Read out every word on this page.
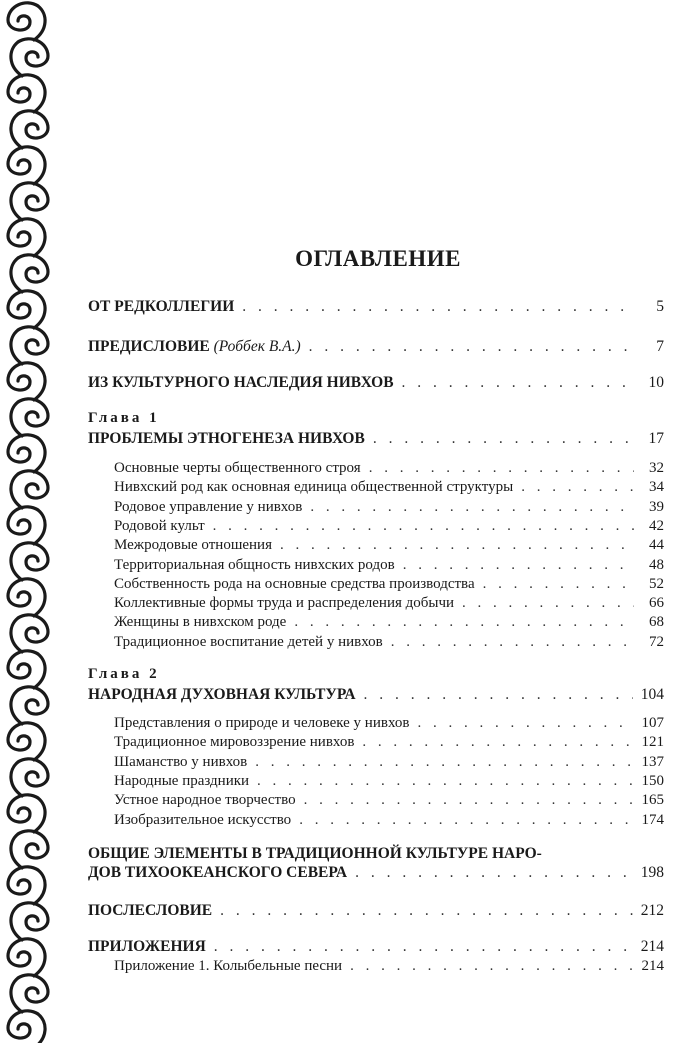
ОГЛАВЛЕНИЕ
ОТ РЕДКОЛЛЕГИИ . . .	5
ПРЕДИСЛОВИЕ (Роббек В.А.) . . .	7
ИЗ КУЛЬТУРНОГО НАСЛЕДИЯ НИВХОВ . . .	10
Глава 1
ПРОБЛЕМЫ ЭТНОГЕНЕЗА НИВХОВ . . .	17
Основные черты общественного строя . . .	32
Нивхский род как основная единица общественной структуры . . .	34
Родовое управление у нивхов . . .	39
Родовой культ . . .	42
Межродовые отношения . . .	44
Территориальная общность нивхских родов . . .	48
Собственность рода на основные средства производства . . .	52
Коллективные формы труда и распределения добычи . . .	66
Женщины в нивхском роде . . .	68
Традиционное воспитание детей у нивхов . . .	72
Глава 2
НАРОДНАЯ ДУХОВНАЯ КУЛЬТУРА . . .	104
Представления о природе и человеке у нивхов . . .	107
Традиционное мировоззрение нивхов . . .	121
Шаманство у нивхов . . .	137
Народные праздники . . .	150
Устное народное творчество . . .	165
Изобразительное искусство . . .	174
ОБЩИЕ ЭЛЕМЕНТЫ В ТРАДИЦИОННОЙ КУЛЬТУРЕ НАРО-
ДОВ ТИХООКЕАНСКОГО СЕВЕРА . . .	198
ПОСЛЕСЛОВИЕ . . .	212
ПРИЛОЖЕНИЯ . . .	214
Приложение 1. Колыбельные песни . . .	214
